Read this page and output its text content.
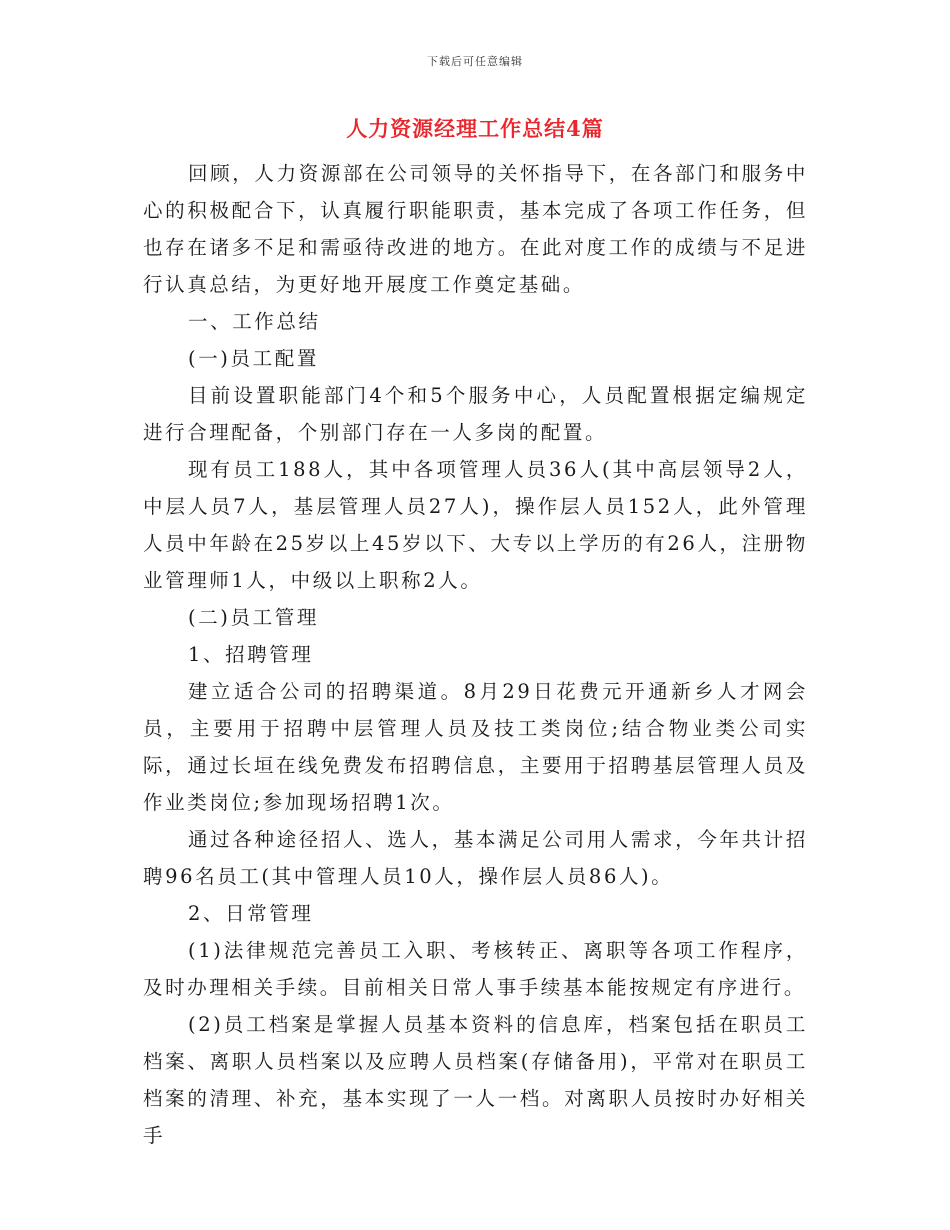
下载后可任意编辑
人力资源经理工作总结4篇

回顾，人力资源部在公司领导的关怀指导下，在各部门和服务中心的积极配合下，认真履行职能职责，基本完成了各项工作任务，但也存在诸多不足和需亟待改进的地方。在此对度工作的成绩与不足进行认真总结，为更好地开展度工作奠定基础。

一、工作总结

(一)员工配置

目前设置职能部门4个和5个服务中心，人员配置根据定编规定进行合理配备，个别部门存在一人多岗的配置。

现有员工188人，其中各项管理人员36人(其中高层领导2人，中层人员7人，基层管理人员27人)，操作层人员152人，此外管理人员中年龄在25岁以上45岁以下、大专以上学历的有26人，注册物业管理师1人，中级以上职称2人。

(二)员工管理

1、招聘管理

建立适合公司的招聘渠道。8月29日花费元开通新乡人才网会员，主要用于招聘中层管理人员及技工类岗位;结合物业类公司实际，通过长垣在线免费发布招聘信息，主要用于招聘基层管理人员及作业类岗位;参加现场招聘1次。

通过各种途径招人、选人，基本满足公司用人需求，今年共计招聘96名员工(其中管理人员10人，操作层人员86人)。

2、日常管理

(1)法律规范完善员工入职、考核转正、离职等各项工作程序，及时办理相关手续。目前相关日常人事手续基本能按规定有序进行。

(2)员工档案是掌握人员基本资料的信息库，档案包括在职员工档案、离职人员档案以及应聘人员档案(存储备用)，平常对在职员工档案的清理、补充，基本实现了一人一档。对离职人员按时办好相关手
